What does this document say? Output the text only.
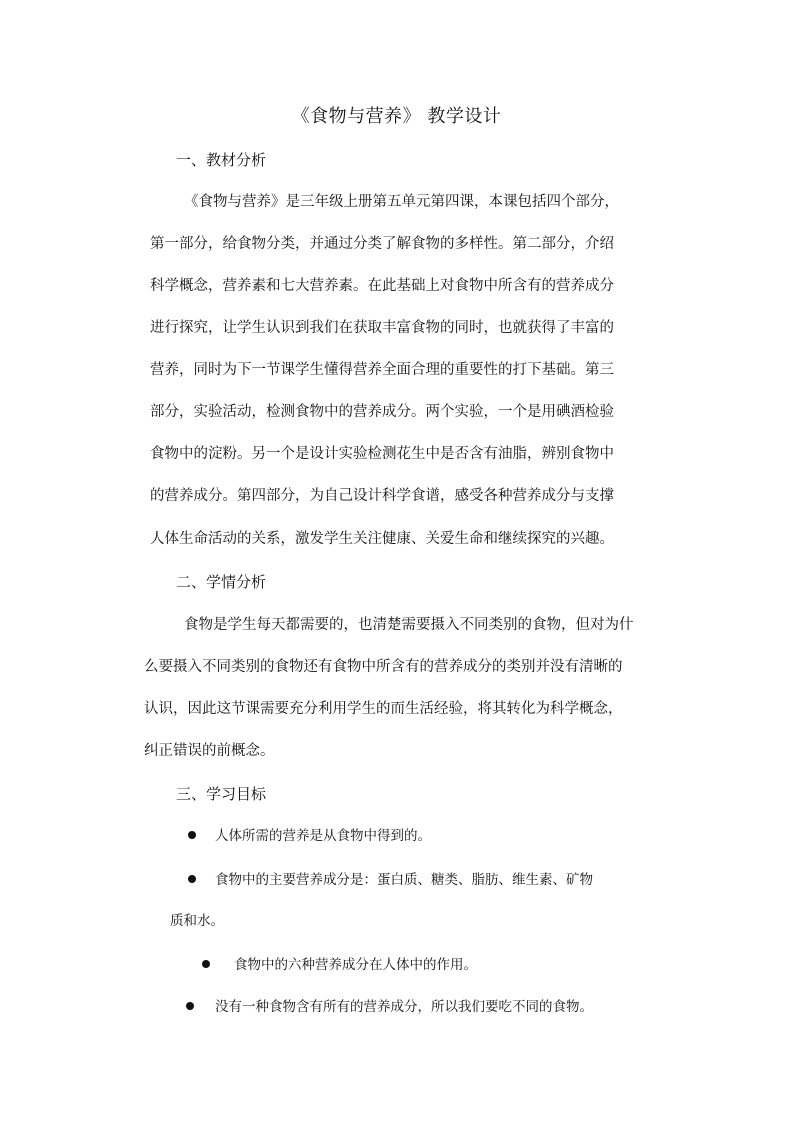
《食物与营养》 教学设计
一、教材分析
《食物与营养》是三年级上册第五单元第四课，本课包括四个部分，
第一部分，给食物分类，并通过分类了解食物的多样性。第二部分，介绍
科学概念，营养素和七大营养素。在此基础上对食物中所含有的营养成分
进行探究，让学生认识到我们在获取丰富食物的同时，也就获得了丰富的
营养，同时为下一节课学生懂得营养全面合理的重要性的打下基础。第三
部分，实验活动，检测食物中的营养成分。两个实验，一个是用碘酒检验
食物中的淀粉。另一个是设计实验检测花生中是否含有油脂，辨别食物中
的营养成分。第四部分，为自己设计科学食谱，感受各种营养成分与支撑
人体生命活动的关系，激发学生关注健康、关爱生命和继续探究的兴趣。
二、学情分析
食物是学生每天都需要的，也清楚需要摄入不同类别的食物，但对为什
么要摄入不同类别的食物还有食物中所含有的营养成分的类别并没有清晰的
认识，因此这节课需要充分利用学生的而生活经验，将其转化为科学概念，
纠正错误的前概念。
三、学习目标
人体所需的营养是从食物中得到的。
食物中的主要营养成分是：蛋白质、糖类、脂肪、维生素、矿物
质和水。
食物中的六种营养成分在人体中的作用。
没有一种食物含有所有的营养成分，所以我们要吃不同的食物。
